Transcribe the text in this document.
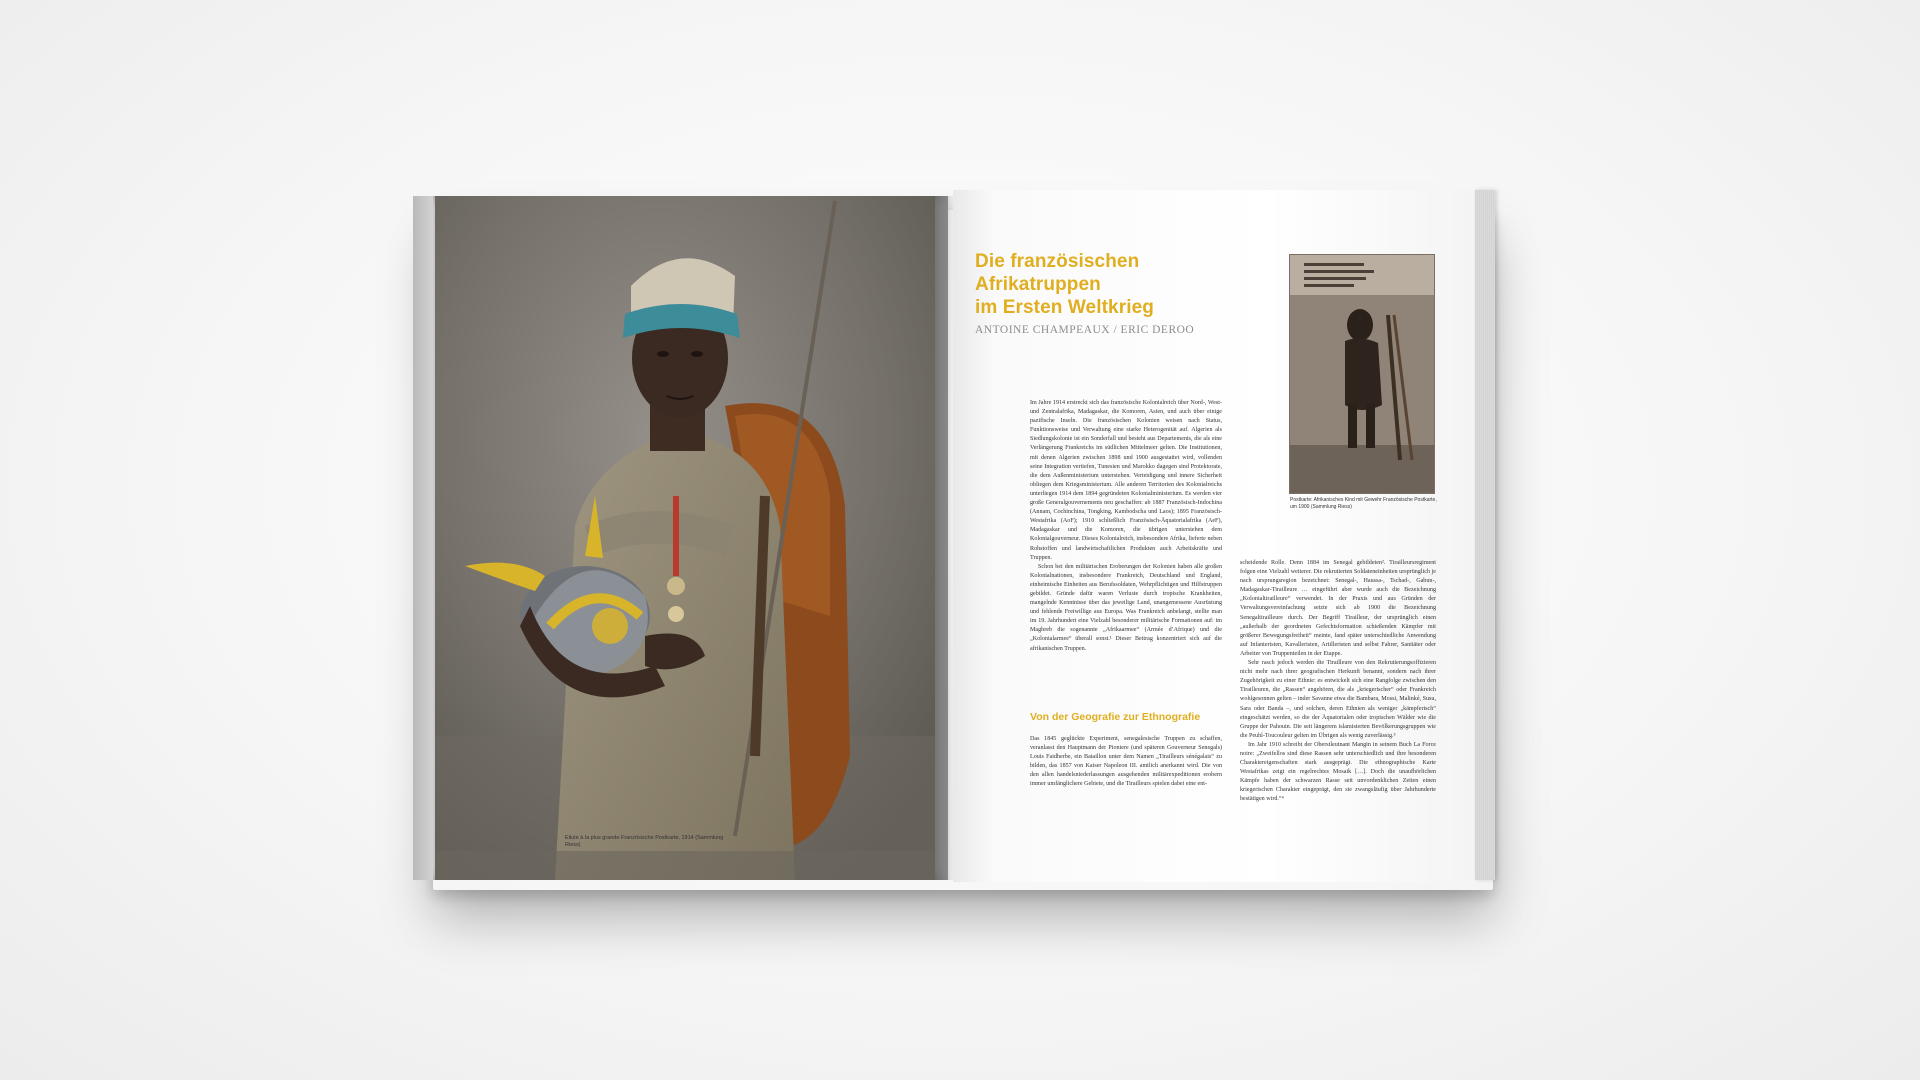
Eliute à la plus grande Französische Postkarte, 1914 (Sammlung Riess)
Die französischen
Afrikatruppen
im Ersten Weltkrieg
ANTOINE CHAMPEAUX / ERIC DEROO
Postkarte: Afrikanisches Kind mit Gewehr Französische Postkarte, um 1900 (Sammlung Riess)

Im Jahre 1914 erstreckt sich das französische Kolonialreich über Nord-, West- und Zentralafrika, Madagaskar, die Komoren, Asien, und auch über einige pazifische Inseln. Die französischen Kolonien weisen nach Status, Funktionsweise und Verwaltung eine starke Heterogenität auf. Algerien als Siedlungskolonie ist ein Sonderfall und besteht aus Departements, die als eine Verlängerung Frankreichs im südlichen Mittelmeer gelten. Die Institutionen, mit denen Algerien zwischen 1898 und 1900 ausgestattet wird, vollenden seine Integration vertiefen, Tunesien und Marokko dagegen sind Protektorate, die dem Außenministerium unterstehen. Verteidigung und innere Sicherheit obliegen dem Kriegsministerium. Alle anderen Territorien des Kolonialreichs unterliegen 1914 dem 1894 gegründeten Kolonialministerium. Es werden vier große Generalgouvernements neu geschaffen: ab 1887 Französisch-Indochina (Annam, Cochinchina, Tongking, Kambodscha und Laos); 1895 Französisch-Westafrika (AoF); 1910 schließlich Französisch-Äquatorialafrika (AeF), Madagaskar und die Komoren, die übrigen unterstehen dem Kolonialgouverneur. Dieses Kolonialreich, insbesondere Afrika, lieferte neben Rohstoffen und landwirtschaftlichen Produkten auch Arbeitskräfte und Truppen.

Schon bei den militärischen Eroberungen der Kolonien haben alle großen Kolonialnationen, insbesondere Frankreich, Deutschland und England, einheimische Einheiten aus Berufssoldaten, Wehrpflichtigen und Hilfstruppen gebildet. Gründe dafür waren Verluste durch tropische Krankheiten, mangelnde Kenntnisse über das jeweilige Land, unangemessene Ausrüstung und fehlende Freiwillige aus Europa. Was Frankreich anbelangt, stellte man im 19. Jahrhundert eine Vielzahl besonderer militärische Formationen auf: im Maghreb die sogenannte „Afrikaarmee“ (Armée d’Afrique) und die „Kolonialarmee“ überall sonst.¹ Dieser Beitrag konzentriert sich auf die afrikanischen Truppen.

Von der Geografie zur Ethnografie

Das 1845 geglückte Experiment, senegalesische Truppen zu schaffen, veranlasst den Hauptmann der Pioniere (und späteren Gouverneur Senegals) Louis Faidherbe, ein Bataillon unter dem Namen „Tirailleurs sénégalais“ zu bilden, das 1857 von Kaiser Napoleon III. amtlich anerkannt wird. Die von den allen handelsniederlassungen ausgehenden militärexpeditionen erobern immer umfänglichere Gebiete, und die Tirailleurs spielen dabei eine ent-

scheidende Rolle. Denn 1884 im Senegal gebildeten². Tirailleursregiment folgen eine Vielzahl weiterer. Die rekrutierten Soldateneinheiten ursprünglich je nach ursprungsregion bezeichnet: Senegal-, Haussa-, Tschad-, Gabun-, Madagaskar-Tirailleure … eingeführt aber wurde auch die Bezeichnung „Kolonialtirailleure“ verwendet. In der Praxis und aus Gründen der Verwaltungsvereinfachung setzte sich ab 1900 die Bezeichnung Senegaltirailleure durch. Der Begriff Tirailleur, der ursprünglich einen „außerhalb der geordneten Gefechtsformation schießenden Kämpfer mit größerer Bewegungsfreiheit“ meinte, fand später unterschiedliche Anwendung auf Infanteristen, Kavalleristen, Artilleristen und selbst Fahrer, Sanitäter oder Arbeiter von Truppenteilen in der Etappe.

Sehr rasch jedoch werden die Tirailleure von den Rekrutierungsoffizieren nicht mehr nach ihrer geografischen Herkunft benannt, sondern nach ihrer Zugehörigkeit zu einer Ethnie: es entwickelt sich eine Rangfolge zwischen den Tirailleuren, die „Rassen“ angehören, die als „kriegerischer“ oder Frankreich wohlgesonnen gelten – inder Savanne etwa die Bambara, Mossi, Malinké, Susu, Sara oder Banda –, und solchen, deren Ethnien als weniger „kämpferisch“ eingeschätzt werden, so die der Äquatorialen oder tropischen Wälder wie die Gruppe der Pahouin. Die seit längerem islamisierten Bevölkerungsgruppen wie die Peuhl-Toucouleur gelten im Übrigen als wenig zuverlässig.³

Im Jahr 1910 schreibt der Oberstleutnant Mangin in seinem Buch La Force noire: „Zweifellos sind diese Rassen sehr unterschiedlich und ihre besonderen Charaktereigenschaften stark ausgeprägt. Die ethnographische Karte Westafrikas zeigt ein regelrechtes Mosaik […]. Doch die unaufhörlichen Kämpfe haben der schwarzen Rasse seit unvordenklichen Zeiten einen kriegerischen Charakter eingeprägt, den sie zwangsläufig über Jahrhunderte bestätigen wird.“⁴
